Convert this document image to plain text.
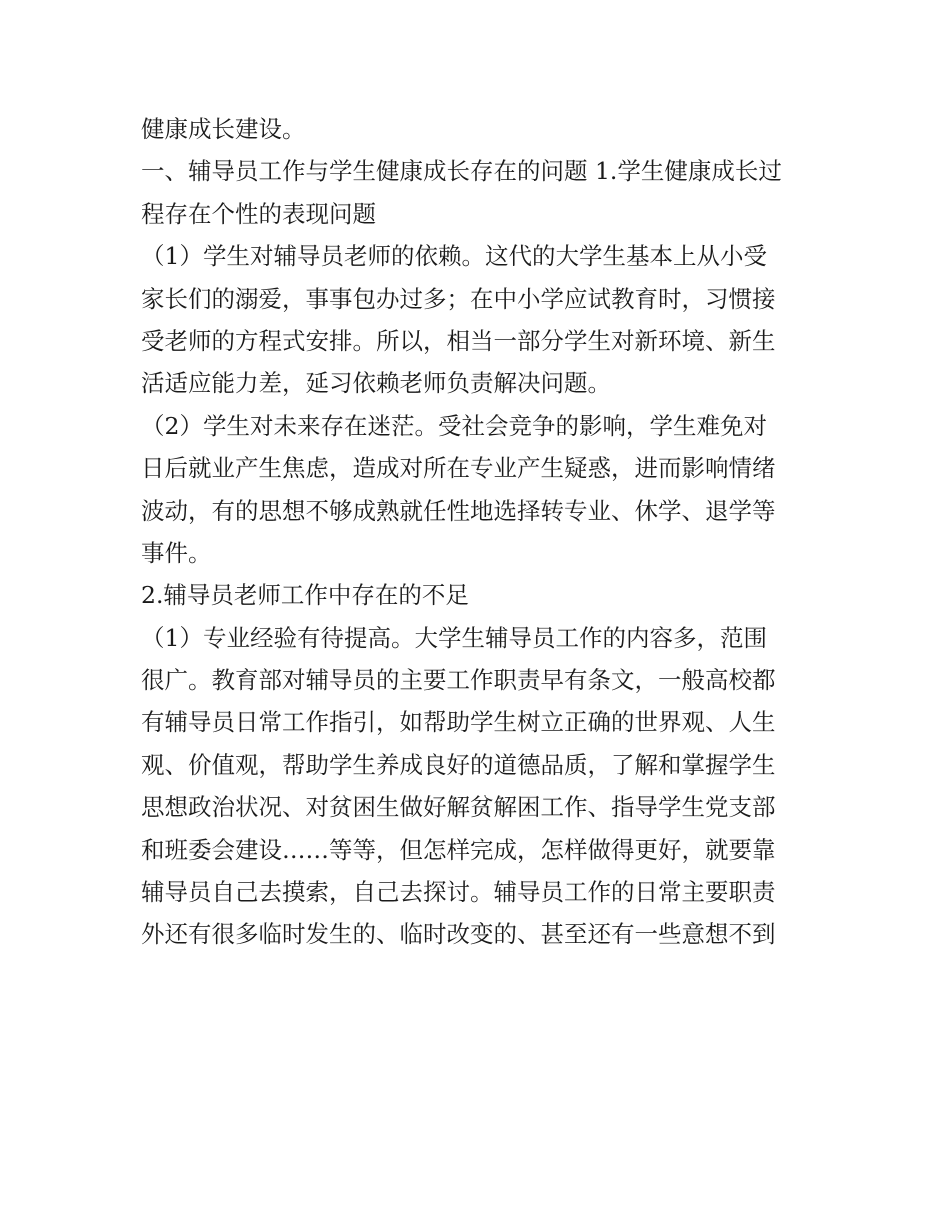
健康成长建设。
一、辅导员工作与学生健康成长存在的问题 1.学生健康成长过
程存在个性的表现问题
（1）学生对辅导员老师的依赖。这代的大学生基本上从小受
家长们的溺爱，事事包办过多；在中小学应试教育时，习惯接
受老师的方程式安排。所以，相当一部分学生对新环境、新生
活适应能力差，延习依赖老师负责解决问题。
（2）学生对未来存在迷茫。受社会竞争的影响，学生难免对
日后就业产生焦虑，造成对所在专业产生疑惑，进而影响情绪
波动，有的思想不够成熟就任性地选择转专业、休学、退学等
事件。
2.辅导员老师工作中存在的不足
（1）专业经验有待提高。大学生辅导员工作的内容多，范围
很广。教育部对辅导员的主要工作职责早有条文，一般高校都
有辅导员日常工作指引，如帮助学生树立正确的世界观、人生
观、价值观，帮助学生养成良好的道德品质，了解和掌握学生
思想政治状况、对贫困生做好解贫解困工作、指导学生党支部
和班委会建设……等等，但怎样完成，怎样做得更好，就要靠
辅导员自己去摸索，自己去探讨。辅导员工作的日常主要职责
外还有很多临时发生的、临时改变的、甚至还有一些意想不到
